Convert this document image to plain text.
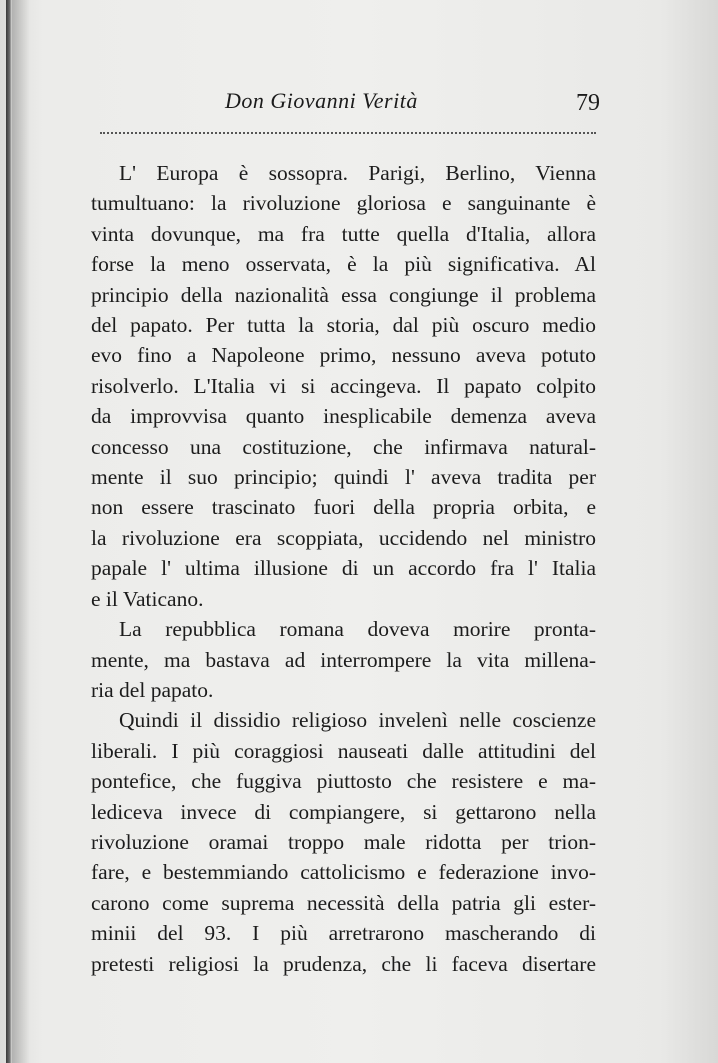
Don Giovanni Verità	79

L' Europa è sossopra. Parigi, Berlino, Vienna

tumultuano: la rivoluzione gloriosa e sanguinante è

vinta dovunque, ma fra tutte quella d'Italia, allora

forse la meno osservata, è la più significativa. Al

principio della nazionalità essa congiunge il problema

del papato. Per tutta la storia, dal più oscuro medio

evo fino a Napoleone primo, nessuno aveva potuto

risolverlo. L'Italia vi si accingeva. Il papato colpito

da improvvisa quanto inesplicabile demenza aveva

concesso una costituzione, che infirmava natural-

mente il suo principio; quindi l' aveva tradita per

non essere trascinato fuori della propria orbita, e

la rivoluzione era scoppiata, uccidendo nel ministro

papale l' ultima illusione di un accordo fra l' Italia

e il Vaticano.

La repubblica romana doveva morire pronta-

mente, ma bastava ad interrompere la vita millena-

ria del papato.

Quindi il dissidio religioso invelenì nelle coscienze

liberali. I più coraggiosi nauseati dalle attitudini del

pontefice, che fuggiva piuttosto che resistere e ma-

lediceva invece di compiangere, si gettarono nella

rivoluzione oramai troppo male ridotta per trion-

fare, e bestemmiando cattolicismo e federazione invo-

carono come suprema necessità della patria gli ester-

minii del 93. I più arretrarono mascherando di

pretesti religiosi la prudenza, che li faceva disertare
